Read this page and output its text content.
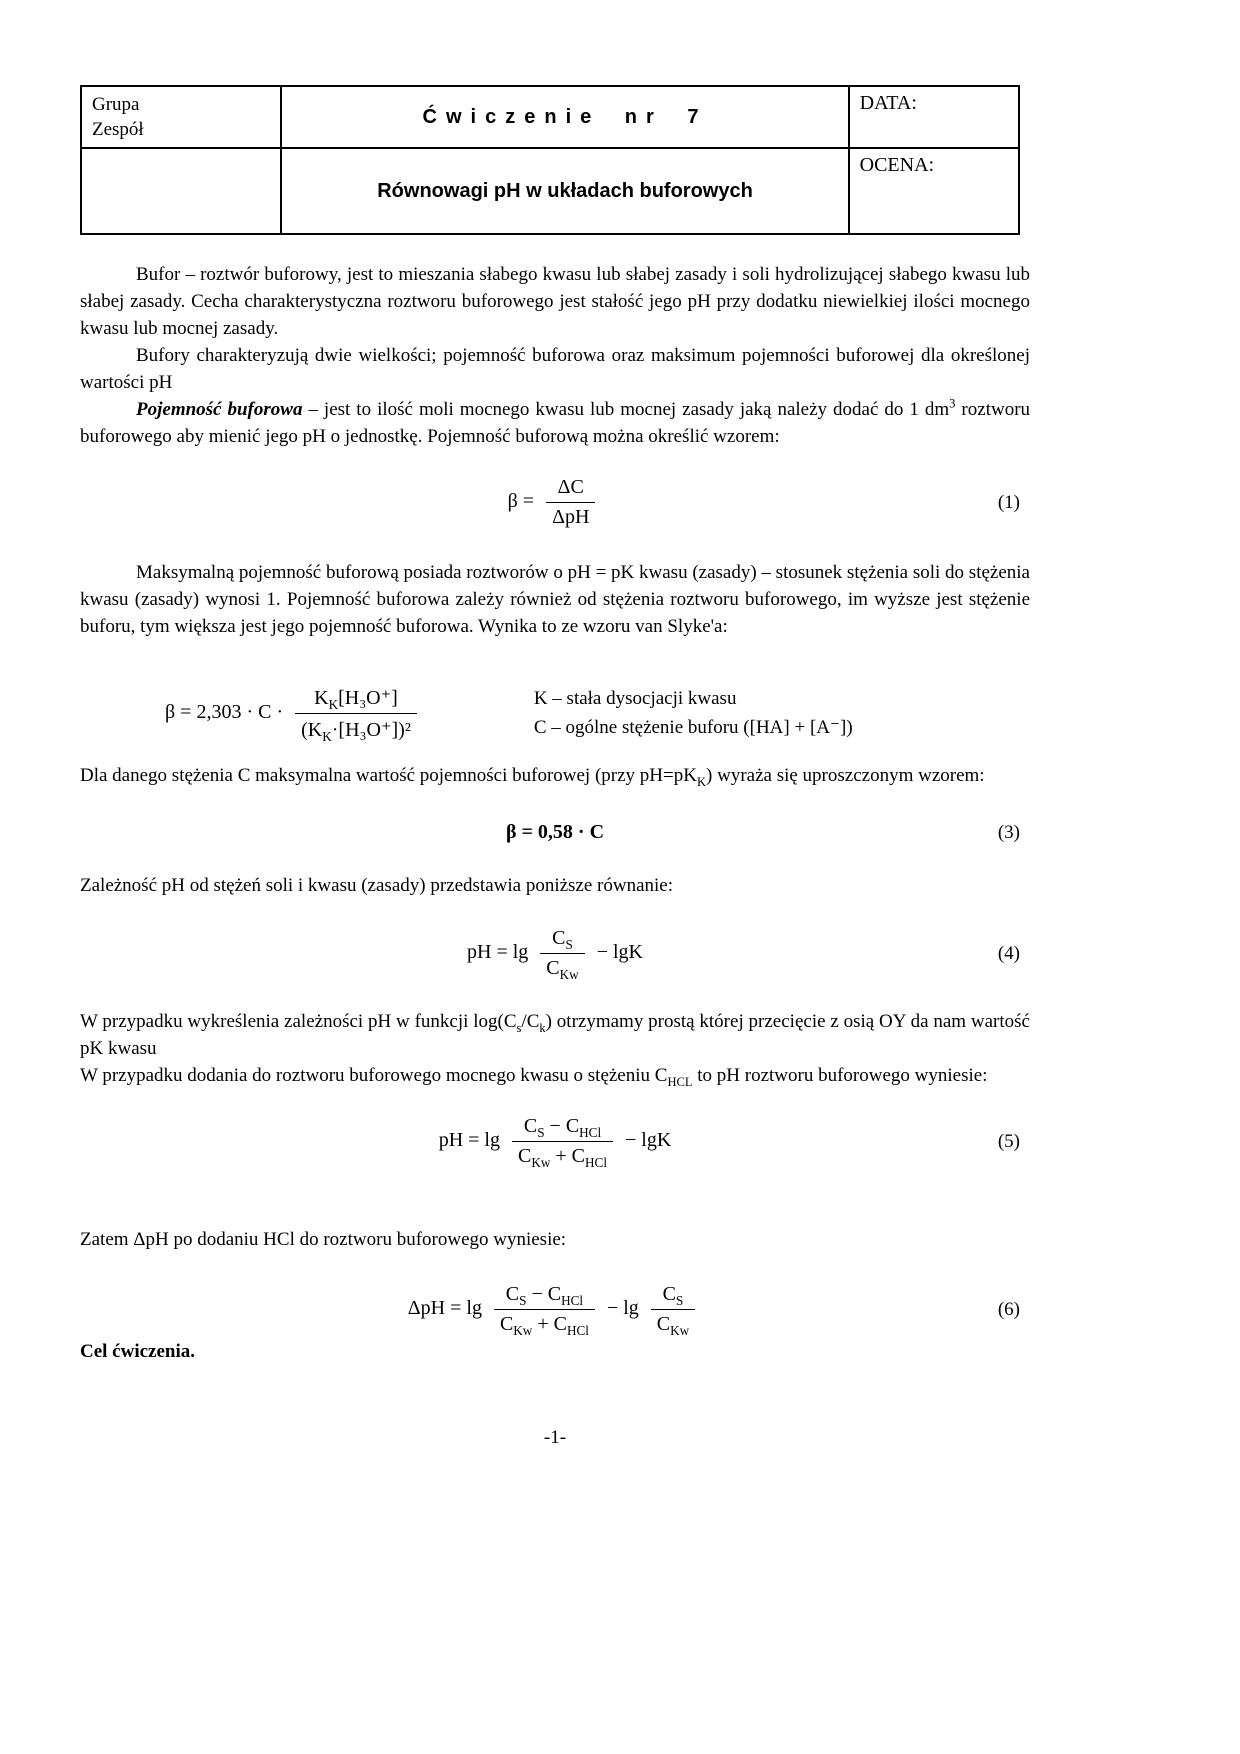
Grupa
Zespół	Ćwiczenie nr 7	DATA:

	Równowagi pH w układach buforowych	OCENA:

Bufor – roztwór buforowy, jest to mieszania słabego kwasu lub słabej zasady i soli hydrolizującej słabego kwasu lub słabej zasady. Cecha charakterystyczna roztworu buforowego jest stałość jego pH przy dodatku niewielkiej ilości mocnego kwasu lub mocnej zasady.

Bufory charakteryzują dwie wielkości; pojemność buforowa oraz maksimum pojemności buforowej dla określonej wartości pH

Pojemność buforowa – jest to ilość moli mocnego kwasu lub mocnej zasady jaką należy dodać do 1 $dm^3$ roztworu buforowego aby mienić jego pH o jednostkę. Pojemność buforową można określić wzorem:

$\beta = \frac{\Delta C}{\text{ΔpH}}$	(1)

Maksymalną pojemność buforową posiada roztworów o pH = pK kwasu (zasady) – stosunek stężenia soli do stężenia kwasu (zasady) wynosi 1. Pojemność buforowa zależy również od stężenia roztworu buforowego, im wyższe jest stężenie buforu, tym większa jest jego pojemność buforowa. Wynika to ze wzoru van Slyke'a:

$\beta = 2,303 \cdot C \cdot \frac{K_K[H_3O^+]}{(K_K\cdot[H_3O^+])^2}$	K – stała dysocjacji kwasu
C – ogólne stężenie buforu ([HA] + [A⁻])

Dla danego stężenia C maksymalna wartość pojemności buforowej (przy $pH=pK_K$) wyraża się uproszczonym wzorem:

β = 0,58 · C	(3)

Zależność pH od stężeń soli i kwasu (zasady) przedstawia poniższe równanie:

pH = $\lg \frac{C_S}{C_{Kw}} - \lg K$	(4)

W przypadku wykreślenia zależności pH w funkcji $\log(C_s/C_k)$ otrzymamy prostą której przecięcie z osią OY da nam wartość pK kwasu

W przypadku dodania do roztworu buforowego mocnego kwasu o stężeniu $C_{HCL}$ to pH roztworu buforowego wyniesie:

pH = $\lg \frac{C_S - C_{HCl}}{C_{Kw} + C_{HCl}} - \lg K$	(5)

Zatem ΔpH po dodaniu HCl do roztworu buforowego wyniesie:

$\Delta pH = \lg \frac{C_S - C_{HCl}}{C_{Kw} + C_{HCl}} - \lg \frac{C_S}{C_{Kw}}$	(6)

Cel ćwiczenia.

-1-
